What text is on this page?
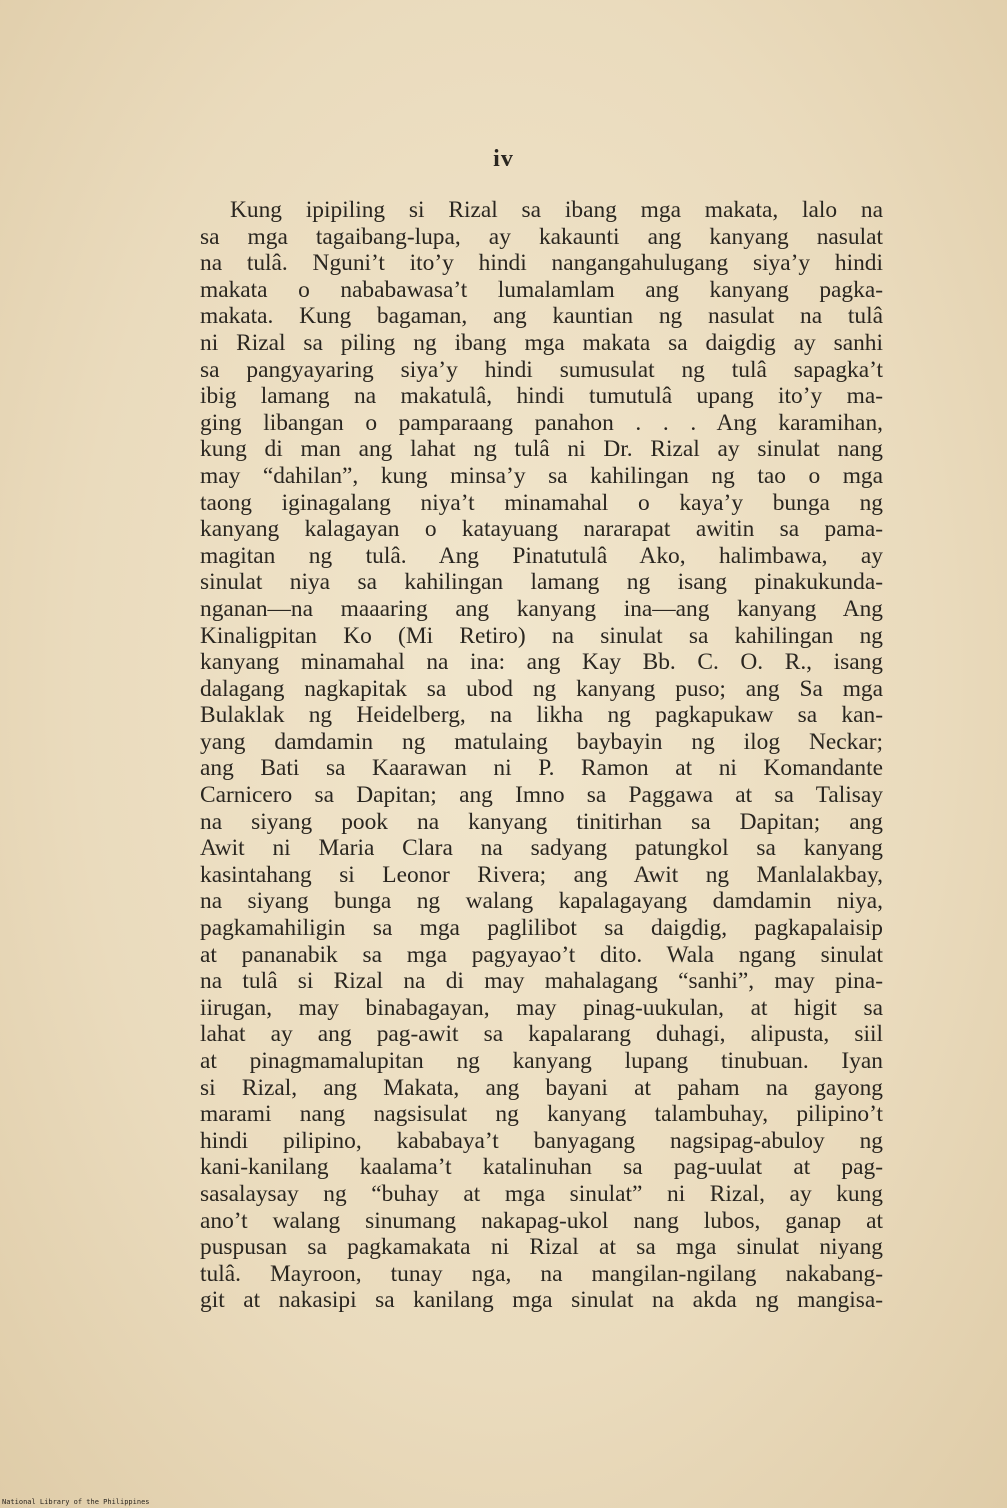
iv
Kung ipipiling si Rizal sa ibang mga makata, lalo na
sa mga tagaibang-lupa, ay kakaunti ang kanyang nasulat
na tulâ. Nguni’t ito’y hindi nangangahulugang siya’y hindi
makata o nababawasa’t lumalamlam ang kanyang pagka-
makata. Kung bagaman, ang kauntian ng nasulat na tulâ
ni Rizal sa piling ng ibang mga makata sa daigdig ay sanhi
sa pangyayaring siya’y hindi sumusulat ng tulâ sapagka’t
ibig lamang na makatulâ, hindi tumutulâ upang ito’y ma-
ging libangan o pamparaang panahon . . . Ang karamihan,
kung di man ang lahat ng tulâ ni Dr. Rizal ay sinulat nang
may “dahilan”, kung minsa’y sa kahilingan ng tao o mga
taong iginagalang niya’t minamahal o kaya’y bunga ng
kanyang kalagayan o katayuang nararapat awitin sa pama-
magitan ng tulâ. Ang Pinatutulâ Ako, halimbawa, ay
sinulat niya sa kahilingan lamang ng isang pinakukunda-
nganan—na maaaring ang kanyang ina—ang kanyang Ang
Kinaligpitan Ko (Mi Retiro) na sinulat sa kahilingan ng
kanyang minamahal na ina: ang Kay Bb. C. O. R., isang
dalagang nagkapitak sa ubod ng kanyang puso; ang Sa mga
Bulaklak ng Heidelberg, na likha ng pagkapukaw sa kan-
yang damdamin ng matulaing baybayin ng ilog Neckar;
ang Bati sa Kaarawan ni P. Ramon at ni Komandante
Carnicero sa Dapitan; ang Imno sa Paggawa at sa Talisay
na siyang pook na kanyang tinitirhan sa Dapitan; ang
Awit ni Maria Clara na sadyang patungkol sa kanyang
kasintahang si Leonor Rivera; ang Awit ng Manlalakbay,
na siyang bunga ng walang kapalagayang damdamin niya,
pagkamahiligin sa mga paglilibot sa daigdig, pagkapalaisip
at pananabik sa mga pagyayao’t dito. Wala ngang sinulat
na tulâ si Rizal na di may mahalagang “sanhi”, may pina-
iirugan, may binabagayan, may pinag-uukulan, at higit sa
lahat ay ang pag-awit sa kapalarang duhagi, alipusta, siil
at pinagmamalupitan ng kanyang lupang tinubuan. Iyan
si Rizal, ang Makata, ang bayani at paham na gayong
marami nang nagsisulat ng kanyang talambuhay, pilipino’t
hindi pilipino, kababaya’t banyagang nagsipag-abuloy ng
kani-kanilang kaalama’t katalinuhan sa pag-uulat at pag-
sasalaysay ng “buhay at mga sinulat” ni Rizal, ay kung
ano’t walang sinumang nakapag-ukol nang lubos, ganap at
puspusan sa pagkamakata ni Rizal at sa mga sinulat niyang
tulâ. Mayroon, tunay nga, na mangilan-ngilang nakabang-
git at nakasipi sa kanilang mga sinulat na akda ng mangisa-
National Library of the Philippines
